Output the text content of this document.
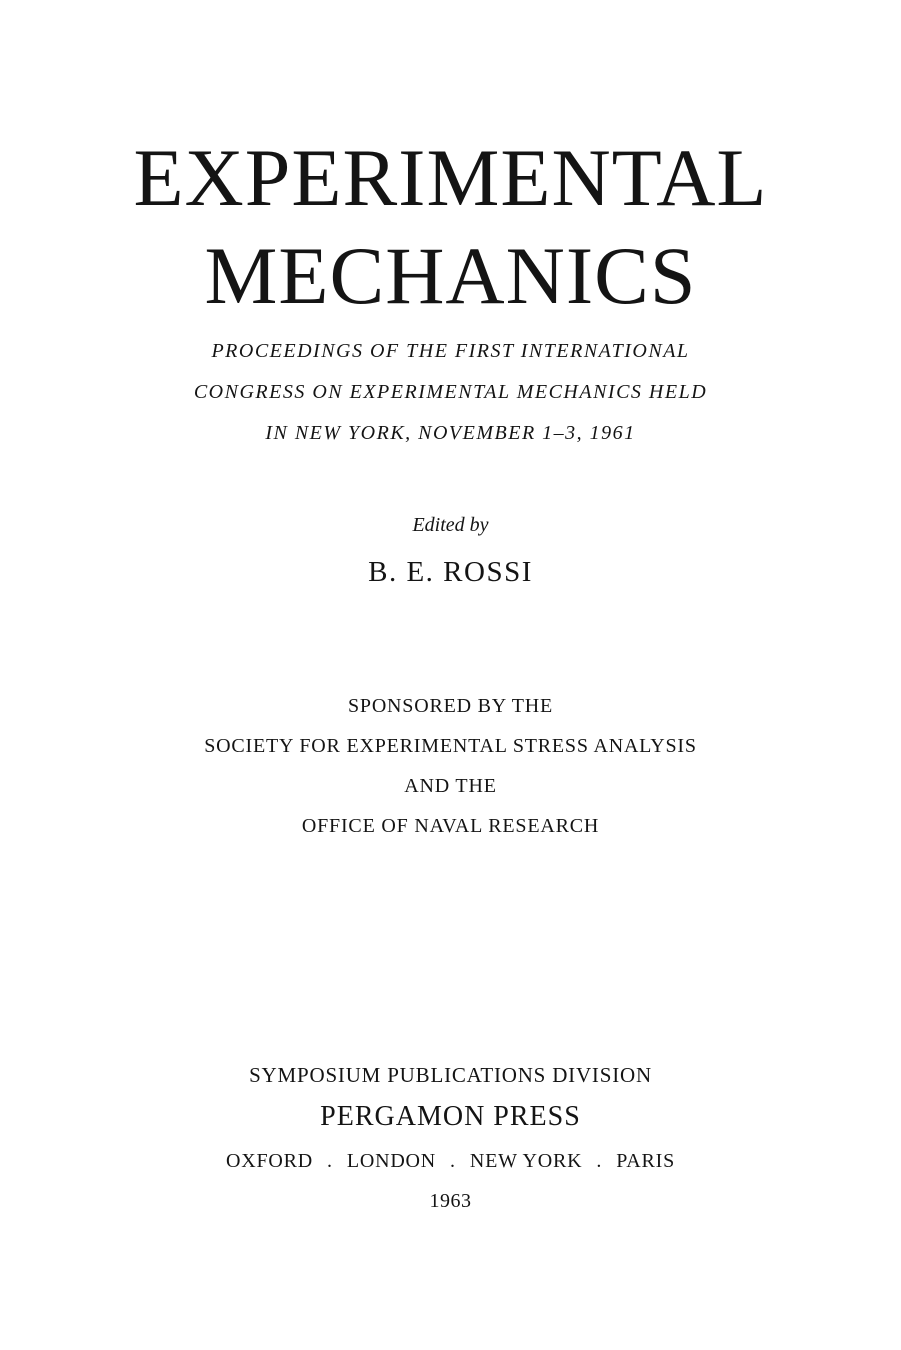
EXPERIMENTAL
MECHANICS
PROCEEDINGS OF THE FIRST INTERNATIONAL
CONGRESS ON EXPERIMENTAL MECHANICS HELD
IN NEW YORK, NOVEMBER 1–3, 1961
Edited by
B. E. ROSSI
SPONSORED BY THE
SOCIETY FOR EXPERIMENTAL STRESS ANALYSIS
AND THE
OFFICE OF NAVAL RESEARCH
SYMPOSIUM PUBLICATIONS DIVISION
PERGAMON PRESS
OXFORD . LONDON . NEW YORK . PARIS
1963
